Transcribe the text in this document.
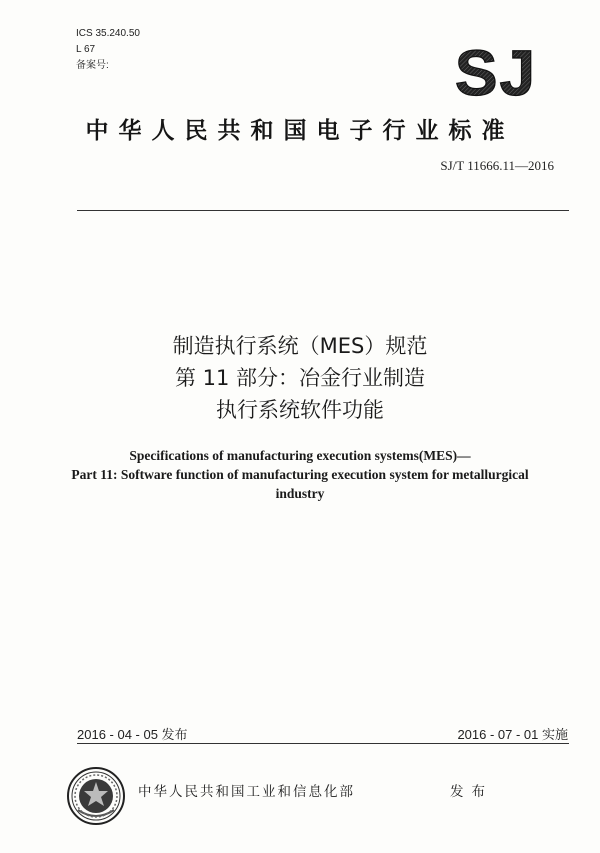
ICS 35.240.50
L 67
备案号:	SJ
中华人民共和国电子行业标准
SJ/T 11666.11—2016
制造执行系统（MES）规范
第 11 部分：冶金行业制造
执行系统软件功能
Specifications of manufacturing execution systems(MES)—
Part 11: Software function of manufacturing execution system for metallurgical
industry
2016 - 04 - 05 发布	2016 - 07 - 01 实施
中华人民共和国工业和信息化部	发布
